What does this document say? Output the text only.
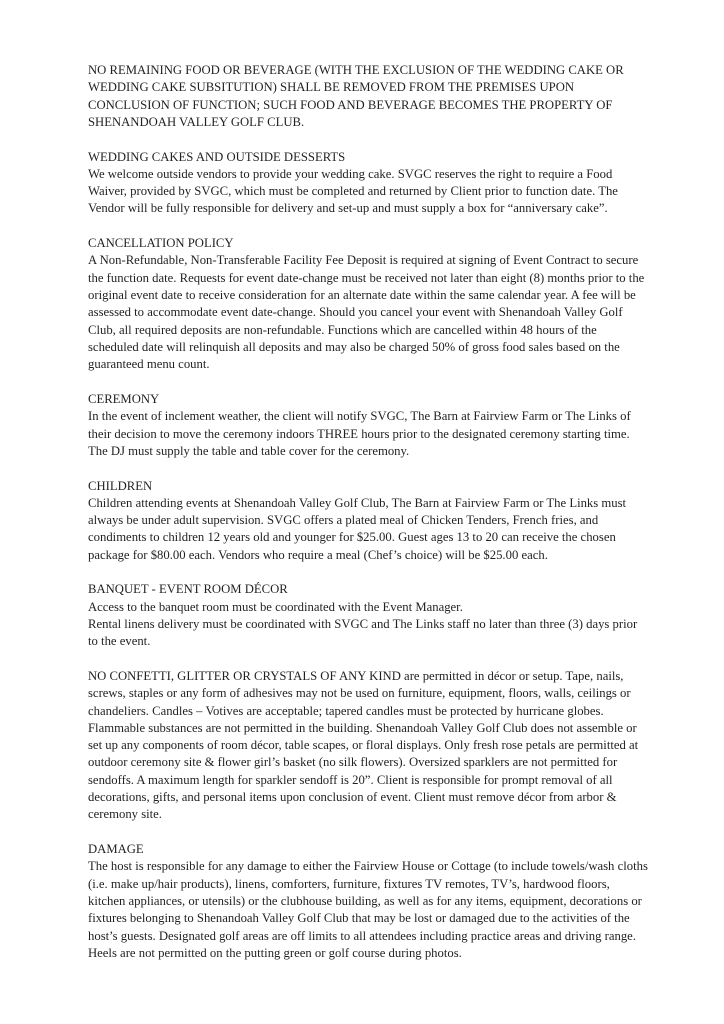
NO REMAINING FOOD OR BEVERAGE (WITH THE EXCLUSION OF THE WEDDING CAKE OR WEDDING CAKE SUBSITUTION) SHALL BE REMOVED FROM THE PREMISES UPON CONCLUSION OF FUNCTION; SUCH FOOD AND BEVERAGE BECOMES THE PROPERTY OF SHENANDOAH VALLEY GOLF CLUB.

WEDDING CAKES AND OUTSIDE DESSERTS

We welcome outside vendors to provide your wedding cake. SVGC reserves the right to require a Food Waiver, provided by SVGC, which must be completed and returned by Client prior to function date. The Vendor will be fully responsible for delivery and set-up and must supply a box for “anniversary cake”.

CANCELLATION POLICY

A Non-Refundable, Non-Transferable Facility Fee Deposit is required at signing of Event Contract to secure the function date. Requests for event date-change must be received not later than eight (8) months prior to the original event date to receive consideration for an alternate date within the same calendar year. A fee will be assessed to accommodate event date-change. Should you cancel your event with Shenandoah Valley Golf Club, all required deposits are non-refundable. Functions which are cancelled within 48 hours of the scheduled date will relinquish all deposits and may also be charged 50% of gross food sales based on the guaranteed menu count.

CEREMONY

In the event of inclement weather, the client will notify SVGC, The Barn at Fairview Farm or The Links of their decision to move the ceremony indoors THREE hours prior to the designated ceremony starting time. The DJ must supply the table and table cover for the ceremony.

CHILDREN

Children attending events at Shenandoah Valley Golf Club, The Barn at Fairview Farm or The Links must always be under adult supervision. SVGC offers a plated meal of Chicken Tenders, French fries, and condiments to children 12 years old and younger for $25.00. Guest ages 13 to 20 can receive the chosen package for $80.00 each. Vendors who require a meal (Chef’s choice) will be $25.00 each.

BANQUET - EVENT ROOM DÉCOR

Access to the banquet room must be coordinated with the Event Manager.

Rental linens delivery must be coordinated with SVGC and The Links staff no later than three (3) days prior to the event.

NO CONFETTI, GLITTER OR CRYSTALS OF ANY KIND are permitted in décor or setup. Tape, nails, screws, staples or any form of adhesives may not be used on furniture, equipment, floors, walls, ceilings or chandeliers. Candles – Votives are acceptable; tapered candles must be protected by hurricane globes. Flammable substances are not permitted in the building. Shenandoah Valley Golf Club does not assemble or set up any components of room décor, table scapes, or floral displays. Only fresh rose petals are permitted at outdoor ceremony site & flower girl’s basket (no silk flowers). Oversized sparklers are not permitted for sendoffs. A maximum length for sparkler sendoff is 20”. Client is responsible for prompt removal of all decorations, gifts, and personal items upon conclusion of event. Client must remove décor from arbor & ceremony site.

DAMAGE

The host is responsible for any damage to either the Fairview House or Cottage (to include towels/wash cloths (i.e. make up/hair products), linens, comforters, furniture, fixtures TV remotes, TV’s, hardwood floors, kitchen appliances, or utensils) or the clubhouse building, as well as for any items, equipment, decorations or fixtures belonging to Shenandoah Valley Golf Club that may be lost or damaged due to the activities of the host’s guests. Designated golf areas are off limits to all attendees including practice areas and driving range. Heels are not permitted on the putting green or golf course during photos.
